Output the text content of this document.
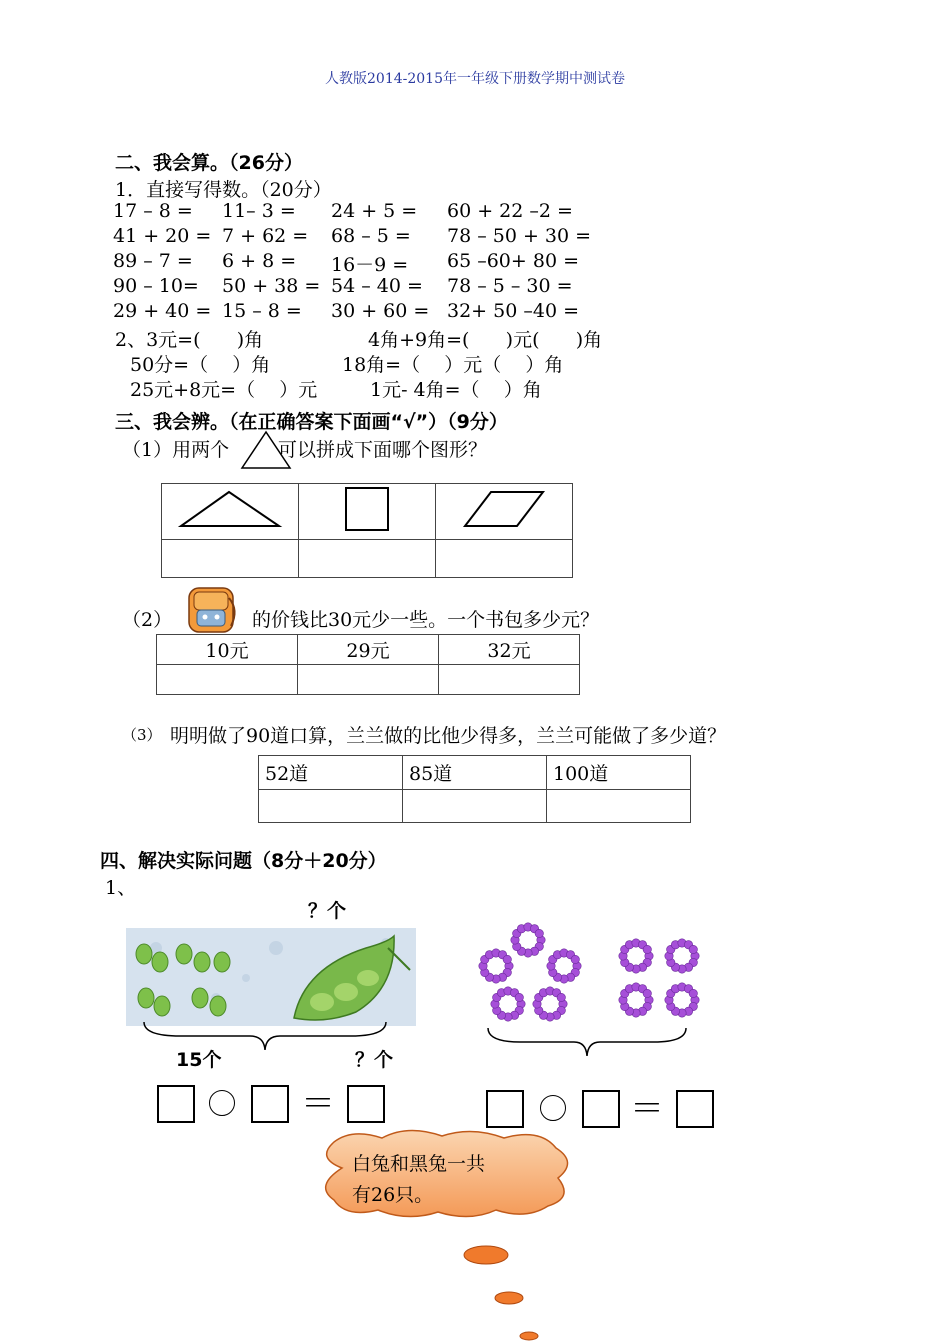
人教版2014-2015年一年级下册数学期中测试卷
二、我会算。（26分）
1．直接写得数。（20分）
17 – 8 = 11– 3 = 24 + 5 = 60 + 22 –2 =
41 + 20 = 7 + 62 = 68 – 5 = 78 – 50 + 30 =
89 – 7 = 6 + 8 = 16－9 = 65 –60+ 80 =
90 – 10= 50 + 38 = 54 – 40 = 78 – 5 – 30 =
29 + 40 = 15 – 8 = 30 + 60 = 32+ 50 –40 =
2、3元=(      )角	4角+9角=(      )元(      )角
50分=（    ）角	18角=（    ）元（    ）角
25元+8元=（    ）元	1元- 4角=（    ）角
三、我会辨。（在正确答案下面画“√”）（9分）
（1）用两个	可以拼成下面哪个图形？

（2）	的价钱比30元少一些。一个书包多少元？
10元	29元	32元

（3） 明明做了90道口算，兰兰做的比他少得多，兰兰可能做了多少道？
52道	85道	100道

四、解决实际问题（8分＋20分）
1、
？个
15个	？个
＝	＝
白兔和黑兔一共
有26只。
